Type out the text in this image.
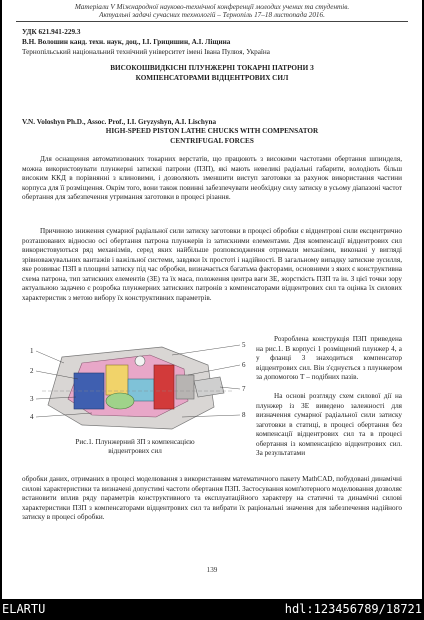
Матеріали V Міжнародної науково-технічної конференції молодих учених та студентів.
Актуальні задачі сучасних технологій – Тернопіль 17–18 листопада 2016.
УДК 621.941-229.3
В.Н. Волошин канд. техн. наук, доц., І.І. Грицишин, А.І. Ліщина
Тернопільський національний технічний університет імені Івана Пулюя, Україна
ВИСОКОШВИДКІСНІ ПЛУНЖЕРНІ ТОКАРНІ ПАТРОНИ З
КОМПЕНСАТОРАМИ ВІДЦЕНТРОВИХ СИЛ
V.N. Voloshyn Ph.D., Assoc. Prof., I.I. Gryzyshyn, A.I. Lischyna
HIGH-SPEED PISTON LATHE CHUCKS WITH COMPENSATOR
CENTRIFUGAL FORCES
Для оснащення автоматизованих токарних верстатів, що працюють з високими частотами обертання шпинделя, можна використовувати плунжерні затискні патрони (ПЗП), які мають невеликі радіальні габарити, володіють більш високим ККД в порівнянні з клиновими, і дозволяють зменшити виступ заготовки за рахунок використання частини корпуса для її розміщення. Окрім того, вони також повинні забезпечувати необхідну силу затиску в усьому діапазоні частот обертання для забезпечення утримання заготовки в процесі різання.
Причиною зниження сумарної радіальної сили затиску заготовки в процесі обробки є відцентрові сили ексцентрично розташованих відносно осі обертання патрона плунжерів із затискними елементами. Для компенсації відцентрових сил використовуються ряд механізмів, серед яких найбільше розповсюдження отримали механізми, виконані у вигляді зрівноважувальних вантажів і важільної системи, завдяки їх простоті і надійності. В загальному випадку затискне зусилля, яке розвиває ПЗП в площині затиску під час обробки, визначається багатьма факторами, основними з яких є конструктивна схема патрона, тип затискних елементів (ЗЕ) та їх маса, положення центра ваги ЗЕ, жорсткість ПЗП та ін. З цієї точки зору актуальною задачею є розробка плунжерних затискних патронів з компенсаторами відцентрових сил та оцінка їх силових характеристик з метою вибору їх конструктивних параметрів.
1
2
3
4
5
6
7
8
Рис.1. Плунжерний ЗП з компенсацією
відцентрових сил
Розроблена конструкція ПЗП приведена на рис.1. В корпусі 1 розміщений плунжер 4, а у фланці 3 знаходиться компенсатор відцентрових сил. Він з'єднується з плунжером за допомогою Т – подібних пазів.
На основі розгляду схем силової дії на плунжер із ЗЕ виведено залежності для визначення сумарної радіальної сили затиску заготовки в статиці, в процесі обертання без компенсації відцентрових сил та в процесі обертання із компенсацією відцентрових сил. За результатами
обробки даних, отриманих в процесі моделювання з використанням математичного пакету MathCAD, побудовані динамічні силові характеристики та визначені допустимі частоти обертання ПЗП. Застосування комп'ютерного моделювання дозволяє встановити вплив ряду параметрів конструктивного та експлуатаційного характеру на статичні та динамічні силові характеристики ПЗП з компенсаторами відцентрових сил та вибрати їх раціональні значення для забезпечення надійного затиску в процесі обробки.
139
ELARTU	hdl:123456789/18721
